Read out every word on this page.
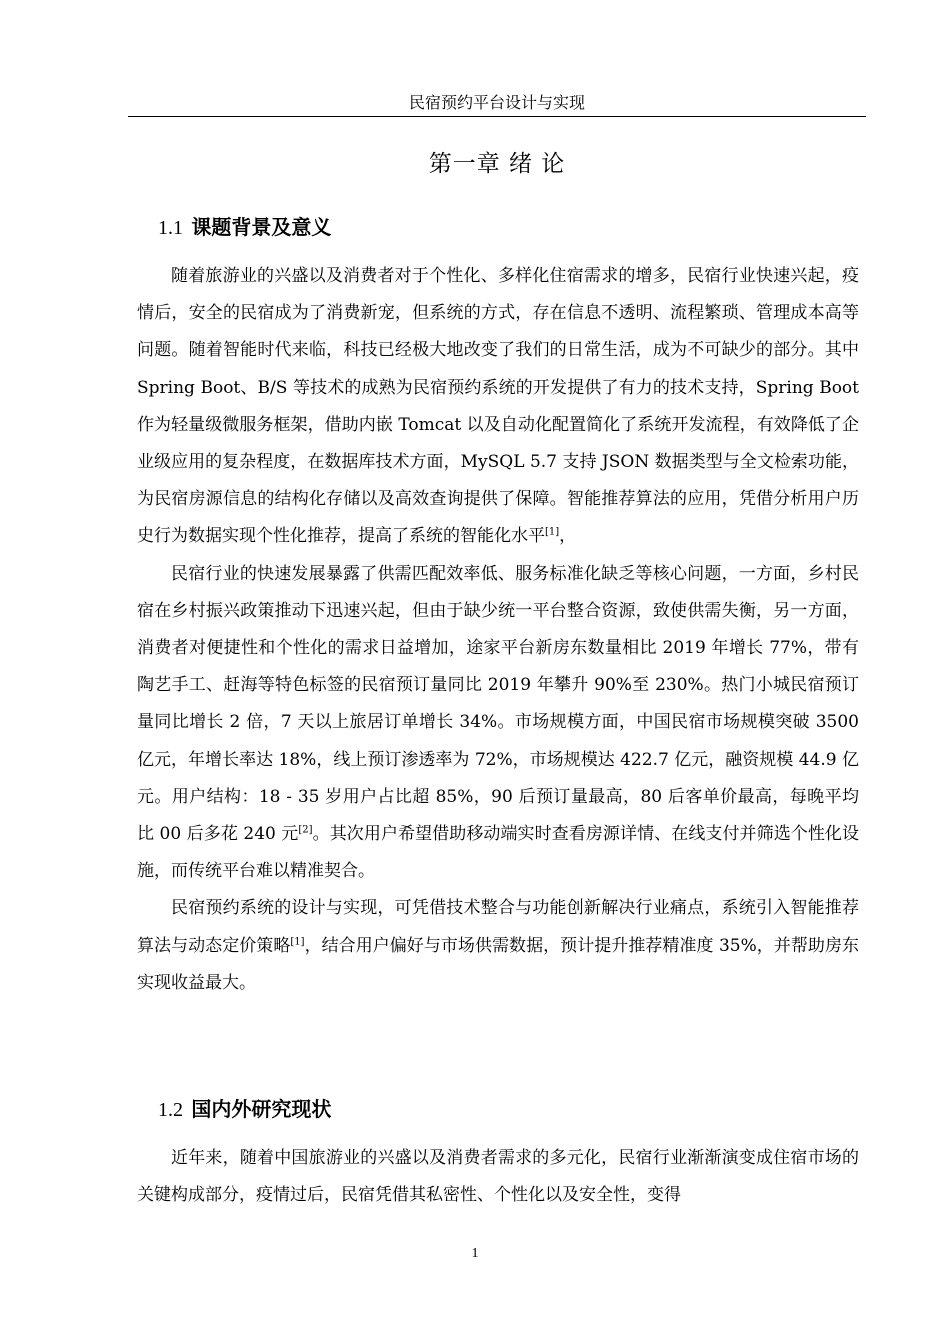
民宿预约平台设计与实现
第一章 绪 论
1.1 课题背景及意义

随着旅游业的兴盛以及消费者对于个性化、多样化住宿需求的增多，民宿行业快速兴起，疫情后，安全的民宿成为了消费新宠，但系统的方式，存在信息不透明、流程繁琐、管理成本高等问题。随着智能时代来临，科技已经极大地改变了我们的日常生活，成为不可缺少的部分。其中 Spring Boot、B/S 等技术的成熟为民宿预约系统的开发提供了有力的技术支持，Spring Boot 作为轻量级微服务框架，借助内嵌 Tomcat 以及自动化配置简化了系统开发流程，有效降低了企业级应用的复杂程度，在数据库技术方面，MySQL 5.7 支持 JSON 数据类型与全文检索功能，为民宿房源信息的结构化存储以及高效查询提供了保障。智能推荐算法的应用，凭借分析用户历史行为数据实现个性化推荐，提高了系统的智能化水平[1]，

民宿行业的快速发展暴露了供需匹配效率低、服务标准化缺乏等核心问题，一方面，乡村民宿在乡村振兴政策推动下迅速兴起，但由于缺少统一平台整合资源，致使供需失衡，另一方面，消费者对便捷性和个性化的需求日益增加，途家平台新房东数量相比 2019 年增长 77%，带有陶艺手工、赶海等特色标签的民宿预订量同比 2019 年攀升 90%至 230%。热门小城民宿预订量同比增长 2 倍，7 天以上旅居订单增长 34%。市场规模方面，中国民宿市场规模突破 3500 亿元，年增长率达 18%，线上预订渗透率为 72%，市场规模达 422.7 亿元，融资规模 44.9 亿元。用户结构：18 - 35 岁用户占比超 85%，90 后预订量最高，80 后客单价最高，每晚平均比 00 后多花 240 元[2]。其次用户希望借助移动端实时查看房源详情、在线支付并筛选个性化设施，而传统平台难以精准契合。

民宿预约系统的设计与实现，可凭借技术整合与功能创新解决行业痛点，系统引入智能推荐算法与动态定价策略[1]，结合用户偏好与市场供需数据，预计提升推荐精准度 35%，并帮助房东实现收益最大。

1.2 国内外研究现状

近年来，随着中国旅游业的兴盛以及消费者需求的多元化，民宿行业渐渐演变成住宿市场的关键构成部分，疫情过后，民宿凭借其私密性、个性化以及安全性，变得

1
